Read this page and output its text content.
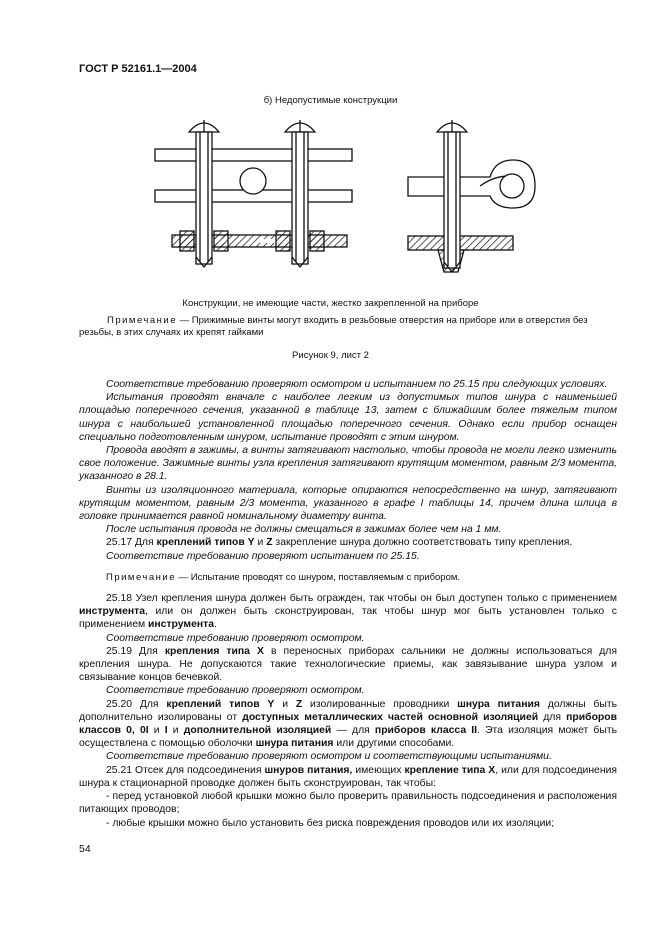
ГОСТ Р 52161.1—2004
б) Недопустимые конструкции
Конструкции, не имеющие части, жестко закрепленной на приборе
Примечание — Прижимные винты могут входить в резьбовые отверстия на приборе или в отверстия без резьбы, в этих случаях их крепят гайками
Рисунок 9, лист 2

Соответствие требованию проверяют осмотром и испытанием по 25.15 при следующих условиях.

Испытания проводят вначале с наиболее легким из допустимых типов шнура с наименьшей площадью поперечного сечения, указанной в таблице 13, затем с ближайшим более тяжелым типом шнура с наибольшей установленной площадью поперечного сечения. Однако если прибор оснащен специально подготовленным шнуром, испытание проводят с этим шнуром.

Провода вводят в зажимы, а винты затягивают настолько, чтобы провода не могли легко изменить свое положение. Зажимные винты узла крепления затягивают крутящим моментом, равным 2/3 момента, указанного в 28.1.

Винты из изоляционного материала, которые опираются непосредственно на шнур, затягивают крутящим моментом, равным 2/3 момента, указанного в графе I таблицы 14, причем длина шлица в головке принимается равной номинальному диаметру винта.

После испытания провода не должны смещаться в зажимах более чем на 1 мм.

25.17 Для креплений типов Y и Z закрепление шнура должно соответствовать типу крепления.

Соответствие требованию проверяют испытанием по 25.15.

Примечание — Испытание проводят со шнуром, поставляемым с прибором.

25.18 Узел крепления шнура должен быть огражден, так чтобы он был доступен только с применением инструмента, или он должен быть сконструирован, так чтобы шнур мог быть установлен только с применением инструмента.

Соответствие требованию проверяют осмотром.

25.19 Для крепления типа X в переносных приборах сальники не должны использоваться для крепления шнура. Не допускаются такие технологические приемы, как завязывание шнура узлом и связывание концов бечевкой.

Соответствие требованию проверяют осмотром.

25.20 Для креплений типов Y и Z изолированные проводники шнура питания должны быть дополнительно изолированы от доступных металлических частей основной изоляцией для приборов классов 0, 0I и I и дополнительной изоляцией — для приборов класса II. Эта изоляция может быть осуществлена с помощью оболочки шнура питания или другими способами.

Соответствие требованию проверяют осмотром и соответствующими испытаниями.

25.21 Отсек для подсоединения шнуров питания, имеющих крепление типа X, или для подсоединения шнура к стационарной проводке должен быть сконструирован, так чтобы:

- перед установкой любой крышки можно было проверить правильность подсоединения и расположения питающих проводов;

- любые крышки можно было установить без риска повреждения проводов или их изоляции;

54
